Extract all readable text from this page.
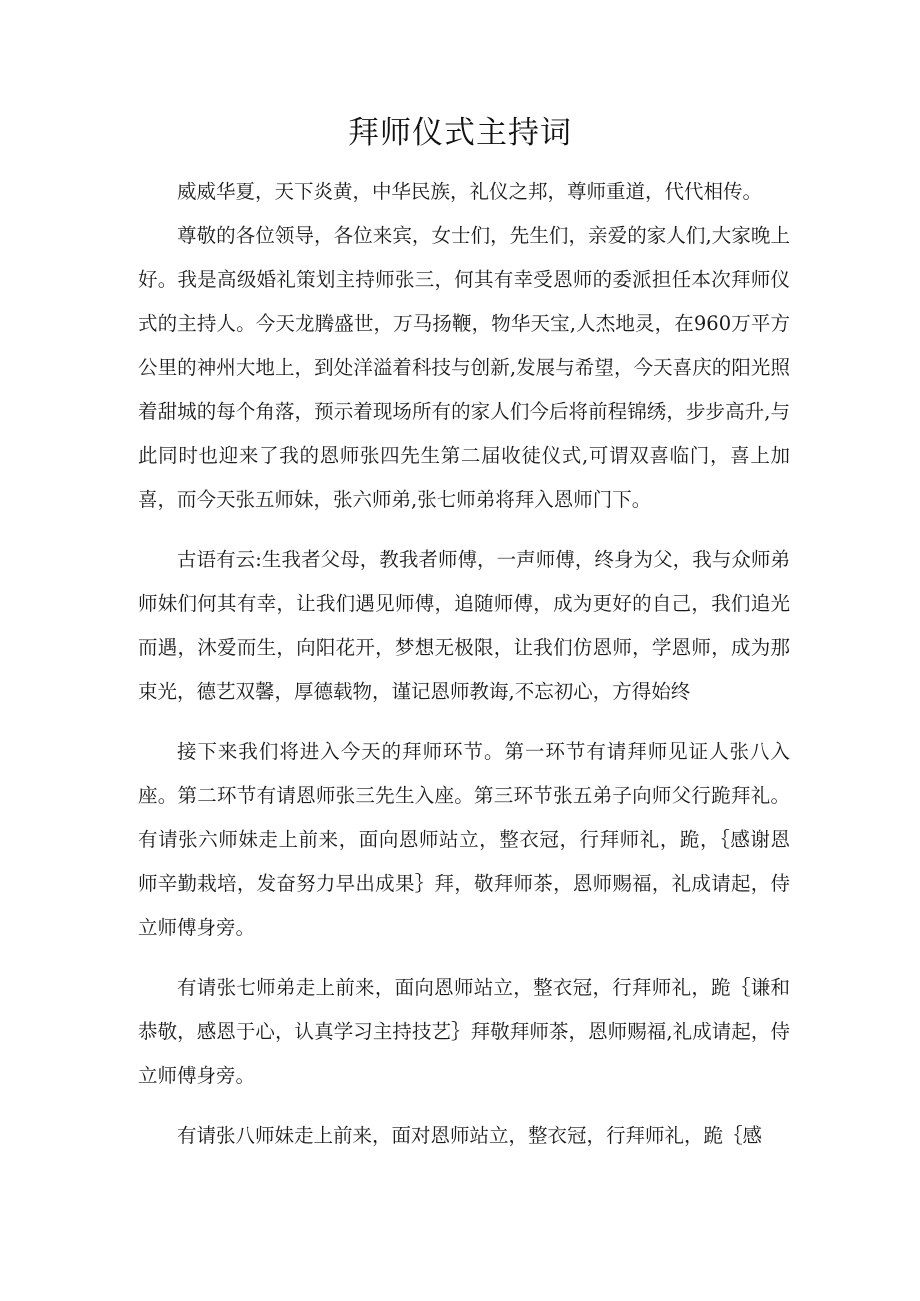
拜师仪式主持词

威威华夏，天下炎黄，中华民族，礼仪之邦，尊师重道，代代相传。

尊敬的各位领导，各位来宾，女士们，先生们，亲爱的家人们,大家晚上好。我是高级婚礼策划主持师张三，何其有幸受恩师的委派担任本次拜师仪式的主持人。今天龙腾盛世，万马扬鞭，物华天宝,人杰地灵，在960万平方公里的神州大地上，到处洋溢着科技与创新,发展与希望，今天喜庆的阳光照着甜城的每个角落，预示着现场所有的家人们今后将前程锦绣，步步高升,与此同时也迎来了我的恩师张四先生第二届收徒仪式,可谓双喜临门，喜上加喜，而今天张五师妹，张六师弟,张七师弟将拜入恩师门下。

古语有云:生我者父母，教我者师傅，一声师傅，终身为父，我与众师弟师妹们何其有幸，让我们遇见师傅，追随师傅，成为更好的自己，我们追光而遇，沐爱而生，向阳花开，梦想无极限，让我们仿恩师，学恩师，成为那束光，德艺双馨，厚德载物，谨记恩师教诲,不忘初心，方得始终

接下来我们将进入今天的拜师环节。第一环节有请拜师见证人张八入座。第二环节有请恩师张三先生入座。第三环节张五弟子向师父行跪拜礼。有请张六师妹走上前来，面向恩师站立，整衣冠，行拜师礼，跪，｛感谢恩师辛勤栽培，发奋努力早出成果｝拜，敬拜师茶，恩师赐福，礼成请起，侍立师傅身旁。

有请张七师弟走上前来，面向恩师站立，整衣冠，行拜师礼，跪｛谦和恭敬，感恩于心，认真学习主持技艺｝拜敬拜师茶，恩师赐福,礼成请起，侍立师傅身旁。

有请张八师妹走上前来，面对恩师站立，整衣冠，行拜师礼，跪｛感
